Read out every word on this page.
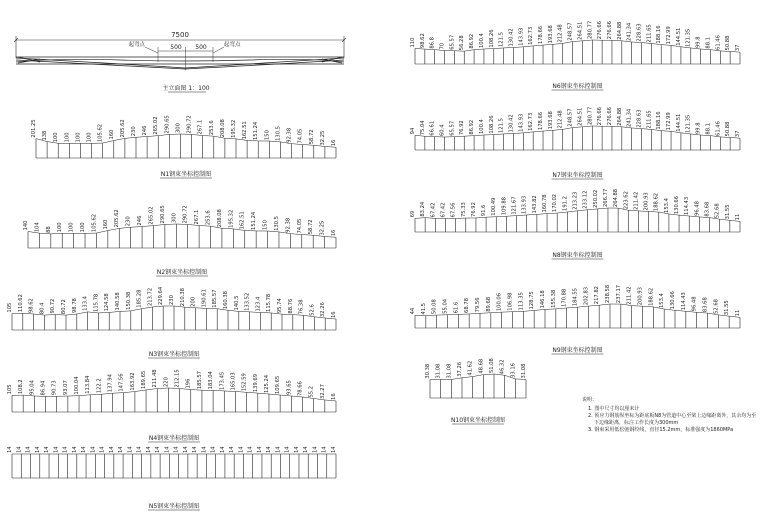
7500
500 500
起弯点	起弯点
主立面图 1：100
201.25 138 100 100 100 100 105.62 160 205.62 230 246 265.02 290.65 300 290.72 267.1 253.6 208.08 195.32 162.51 151.24 150 130.5 92.38 74.05 58.72 32.25 16
N1钢束坐标控制图
140 104 88 100 100 100 105.62 160 205.62 230 246 265.02 290.65 300 290.72 267.1 253.6 208.08 195.32 162.51 151.24 150 130.5 92.38 74.05 58.72 32.25 16
N2钢束坐标控制图
105 110.62 98.62 80.4 90.72 80.72 98.78 133.4 115.78 124.58 140.58 150.38 185.28 213.72 229.64 230 210.38 200 190.61 185.57 160.38 140.5 133.52 123.4 115.78 95.74 88.76 76.38 52.6 32.26 16
N3钢束坐标控制图
105 108.2 95.04 86.94 90.73 93.07 100.04 113.84 122.2 137.94 147.56 163.92 189.65 211.48 220 212.15 196 185.57 183.04 173.45 165.03 152.59 139.69 125.24 109.65 93.65 78.66 55.2 32.27 16
N4钢束坐标控制图
14 14 14 14 14 14 14 14 14 14 14 14 14 14 14 14 14 14 14 14 14 14 14 14 14 14 14 14 14 14 14 14 14 14 14 14
N5钢束坐标控制图
110 98.62 86.8 70 65.57 56.28 86.92 100.4 108.26 121.5 130.42 143.93 162.73 178.66 193.68 212.48 248.57 264.51 280.77 276.66 276.66 264.88 241.34 228.63 211.65 188.16 172.99 144.51 121.35 99.8 88.1 61.46 50.88 37
N6钢束坐标控制图
94 75.04 66.61 60.4 65.57 76.92 86.92 100.4 108.26 121.5 130.42 143.93 162.73 178.66 193.68 212.48 248.57 264.51 280.77 276.66 276.66 264.88 241.34 228.63 211.65 188.16 172.99 144.51 121.35 99.8 88.1 61.46 50.88 37
N7钢束坐标控制图
69 83.24 67.42 67.42 67.56 75.33 76.92 91.6 100.49 109.88 121.67 133.93 143.82 160.78 170.02 191.2 213.23 233.12 250.02 266.77 264.88 223.62 211.42 200.93 188.62 153.4 130.66 114.43 96.48 83.68 52.68 31.55 11
N8钢束坐标控制图
44 41.5 50.08 55.04 61.6 68.78 79.56 89.68 100.06 106.98 113.35 128.75 146.18 155.38 170.88 184.55 202.83 217.82 238.58 237.17 211.42 200.93 188.62 153.4 130.66 114.43 96.48 83.68 52.68 31.55 11
N9钢束坐标控制图
30.38 31.08 31.08 37.26 41.62 48.68 51.08 46.32 33.16 31.08
N10钢束坐标控制图
说明：
1. 图中尺寸均以厘米计
2. 预应力钢筋纵坐标为距底板N8为管道中心至梁上边缘距离外，其余均为至下边缘距离，标注工作长度为300mm
3. 钢束采用低松弛钢绞线，直径15.2mm，标准强度为1860MPa
